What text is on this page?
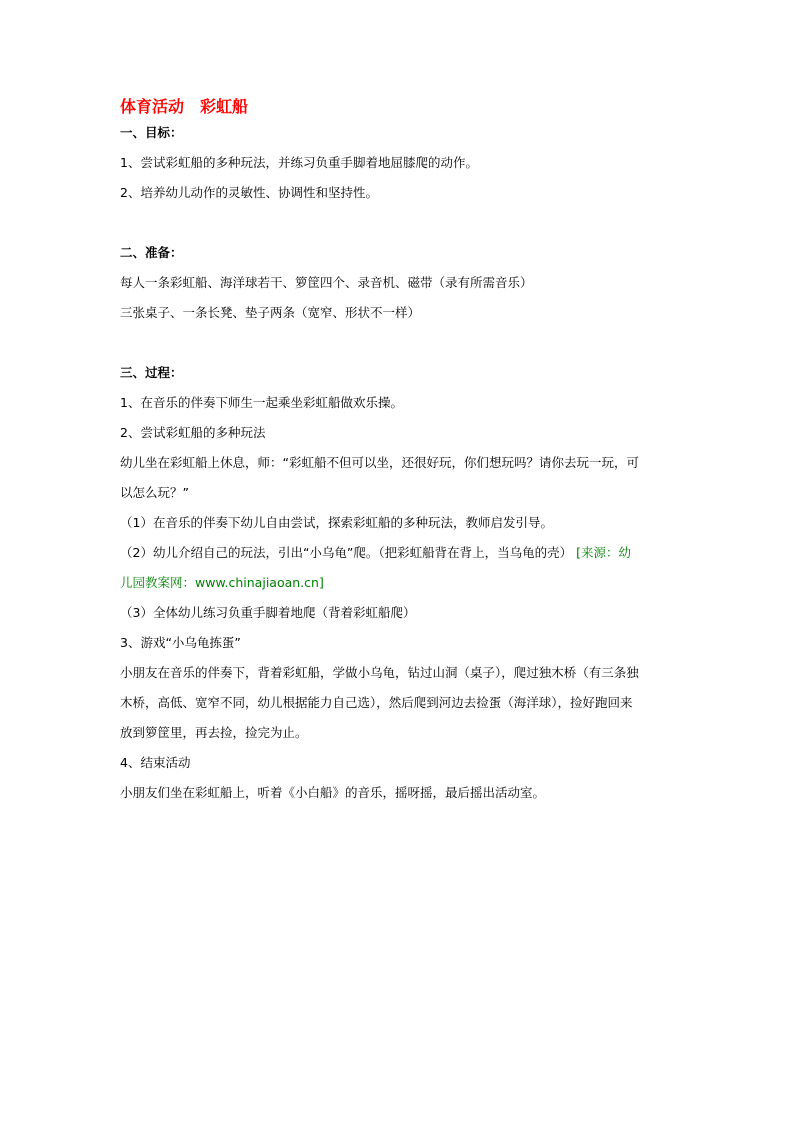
体育活动　彩虹船
一、目标：
1、尝试彩虹船的多种玩法，并练习负重手脚着地屈膝爬的动作。
2、培养幼儿动作的灵敏性、协调性和坚持性。
二、准备：
每人一条彩虹船、海洋球若干、箩筐四个、录音机、磁带（录有所需音乐）
三张桌子、一条长凳、垫子两条（宽窄、形状不一样）
三、过程：
1、在音乐的伴奏下师生一起乘坐彩虹船做欢乐操。
2、尝试彩虹船的多种玩法
幼儿坐在彩虹船上休息，师：“彩虹船不但可以坐，还很好玩，你们想玩吗？请你去玩一玩，可
以怎么玩？”
（1）在音乐的伴奏下幼儿自由尝试，探索彩虹船的多种玩法，教师启发引导。
（2）幼儿介绍自己的玩法，引出“小乌龟”爬。（把彩虹船背在背上，当乌龟的壳） [来源：幼
儿园教案网：www.chinajiaoan.cn]
（3）全体幼儿练习负重手脚着地爬（背着彩虹船爬）
3、游戏“小乌龟拣蛋”
小朋友在音乐的伴奏下，背着彩虹船，学做小乌龟，钻过山洞（桌子），爬过独木桥（有三条独
木桥，高低、宽窄不同，幼儿根据能力自己选），然后爬到河边去捡蛋（海洋球），捡好跑回来
放到箩筐里，再去捡，捡完为止。
4、结束活动
小朋友们坐在彩虹船上，听着《小白船》的音乐，摇呀摇，最后摇出活动室。
